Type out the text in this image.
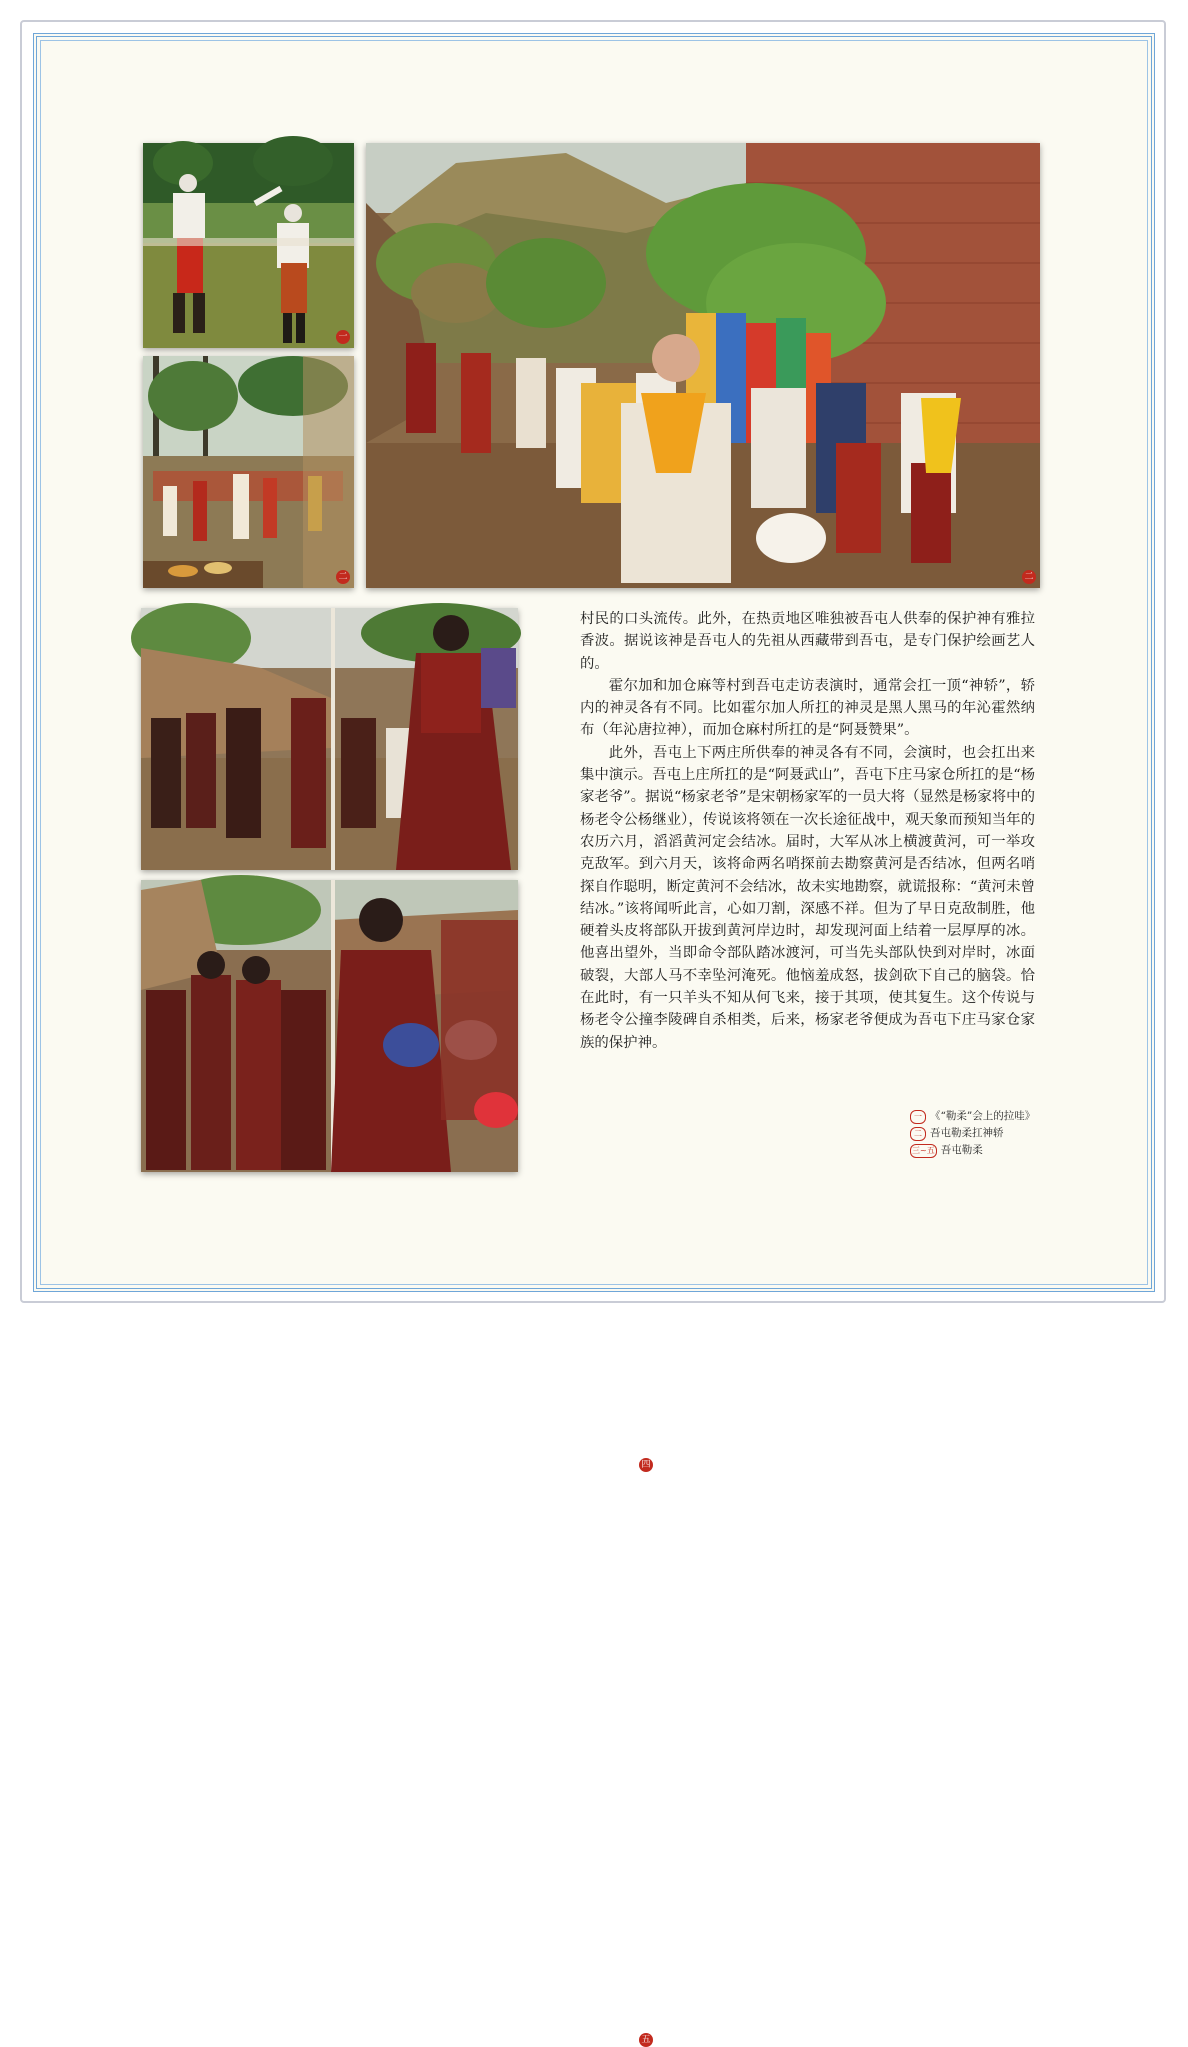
一
二	二
四
五

村民的口头流传。此外，在热贡地区唯独被吾屯人供奉的保护神有雅拉香波。据说该神是吾屯人的先祖从西藏带到吾屯，是专门保护绘画艺人的。

霍尔加和加仓麻等村到吾屯走访表演时，通常会扛一顶“神轿”，轿内的神灵各有不同。比如霍尔加人所扛的神灵是黑人黑马的年沁霍然纳布（年沁唐拉神），而加仓麻村所扛的是“阿聂赞果”。

此外，吾屯上下两庄所供奉的神灵各有不同，会演时，也会扛出来集中演示。吾屯上庄所扛的是“阿聂武山”，吾屯下庄马家仓所扛的是“杨家老爷”。据说“杨家老爷”是宋朝杨家军的一员大将（显然是杨家将中的杨老令公杨继业），传说该将领在一次长途征战中，观天象而预知当年的农历六月，滔滔黄河定会结冰。届时，大军从冰上横渡黄河，可一举攻克敌军。到六月天，该将命两名哨探前去勘察黄河是否结冰，但两名哨探自作聪明，断定黄河不会结冰，故未实地勘察，就谎报称：“黄河未曾结冰。”该将闻听此言，心如刀割，深感不祥。但为了早日克敌制胜，他硬着头皮将部队开拔到黄河岸边时，却发现河面上结着一层厚厚的冰。他喜出望外，当即命令部队踏冰渡河，可当先头部队快到对岸时，冰面破裂，大部人马不幸坠河淹死。他恼羞成怒，拔剑砍下自己的脑袋。恰在此时，有一只羊头不知从何飞来，接于其项，使其复生。这个传说与杨老令公撞李陵碑自杀相类，后来，杨家老爷便成为吾屯下庄马家仓家族的保护神。

一 《“勒柔”会上的拉哇》
二 吾屯勒柔扛神轿
三~五 吾屯勒柔
